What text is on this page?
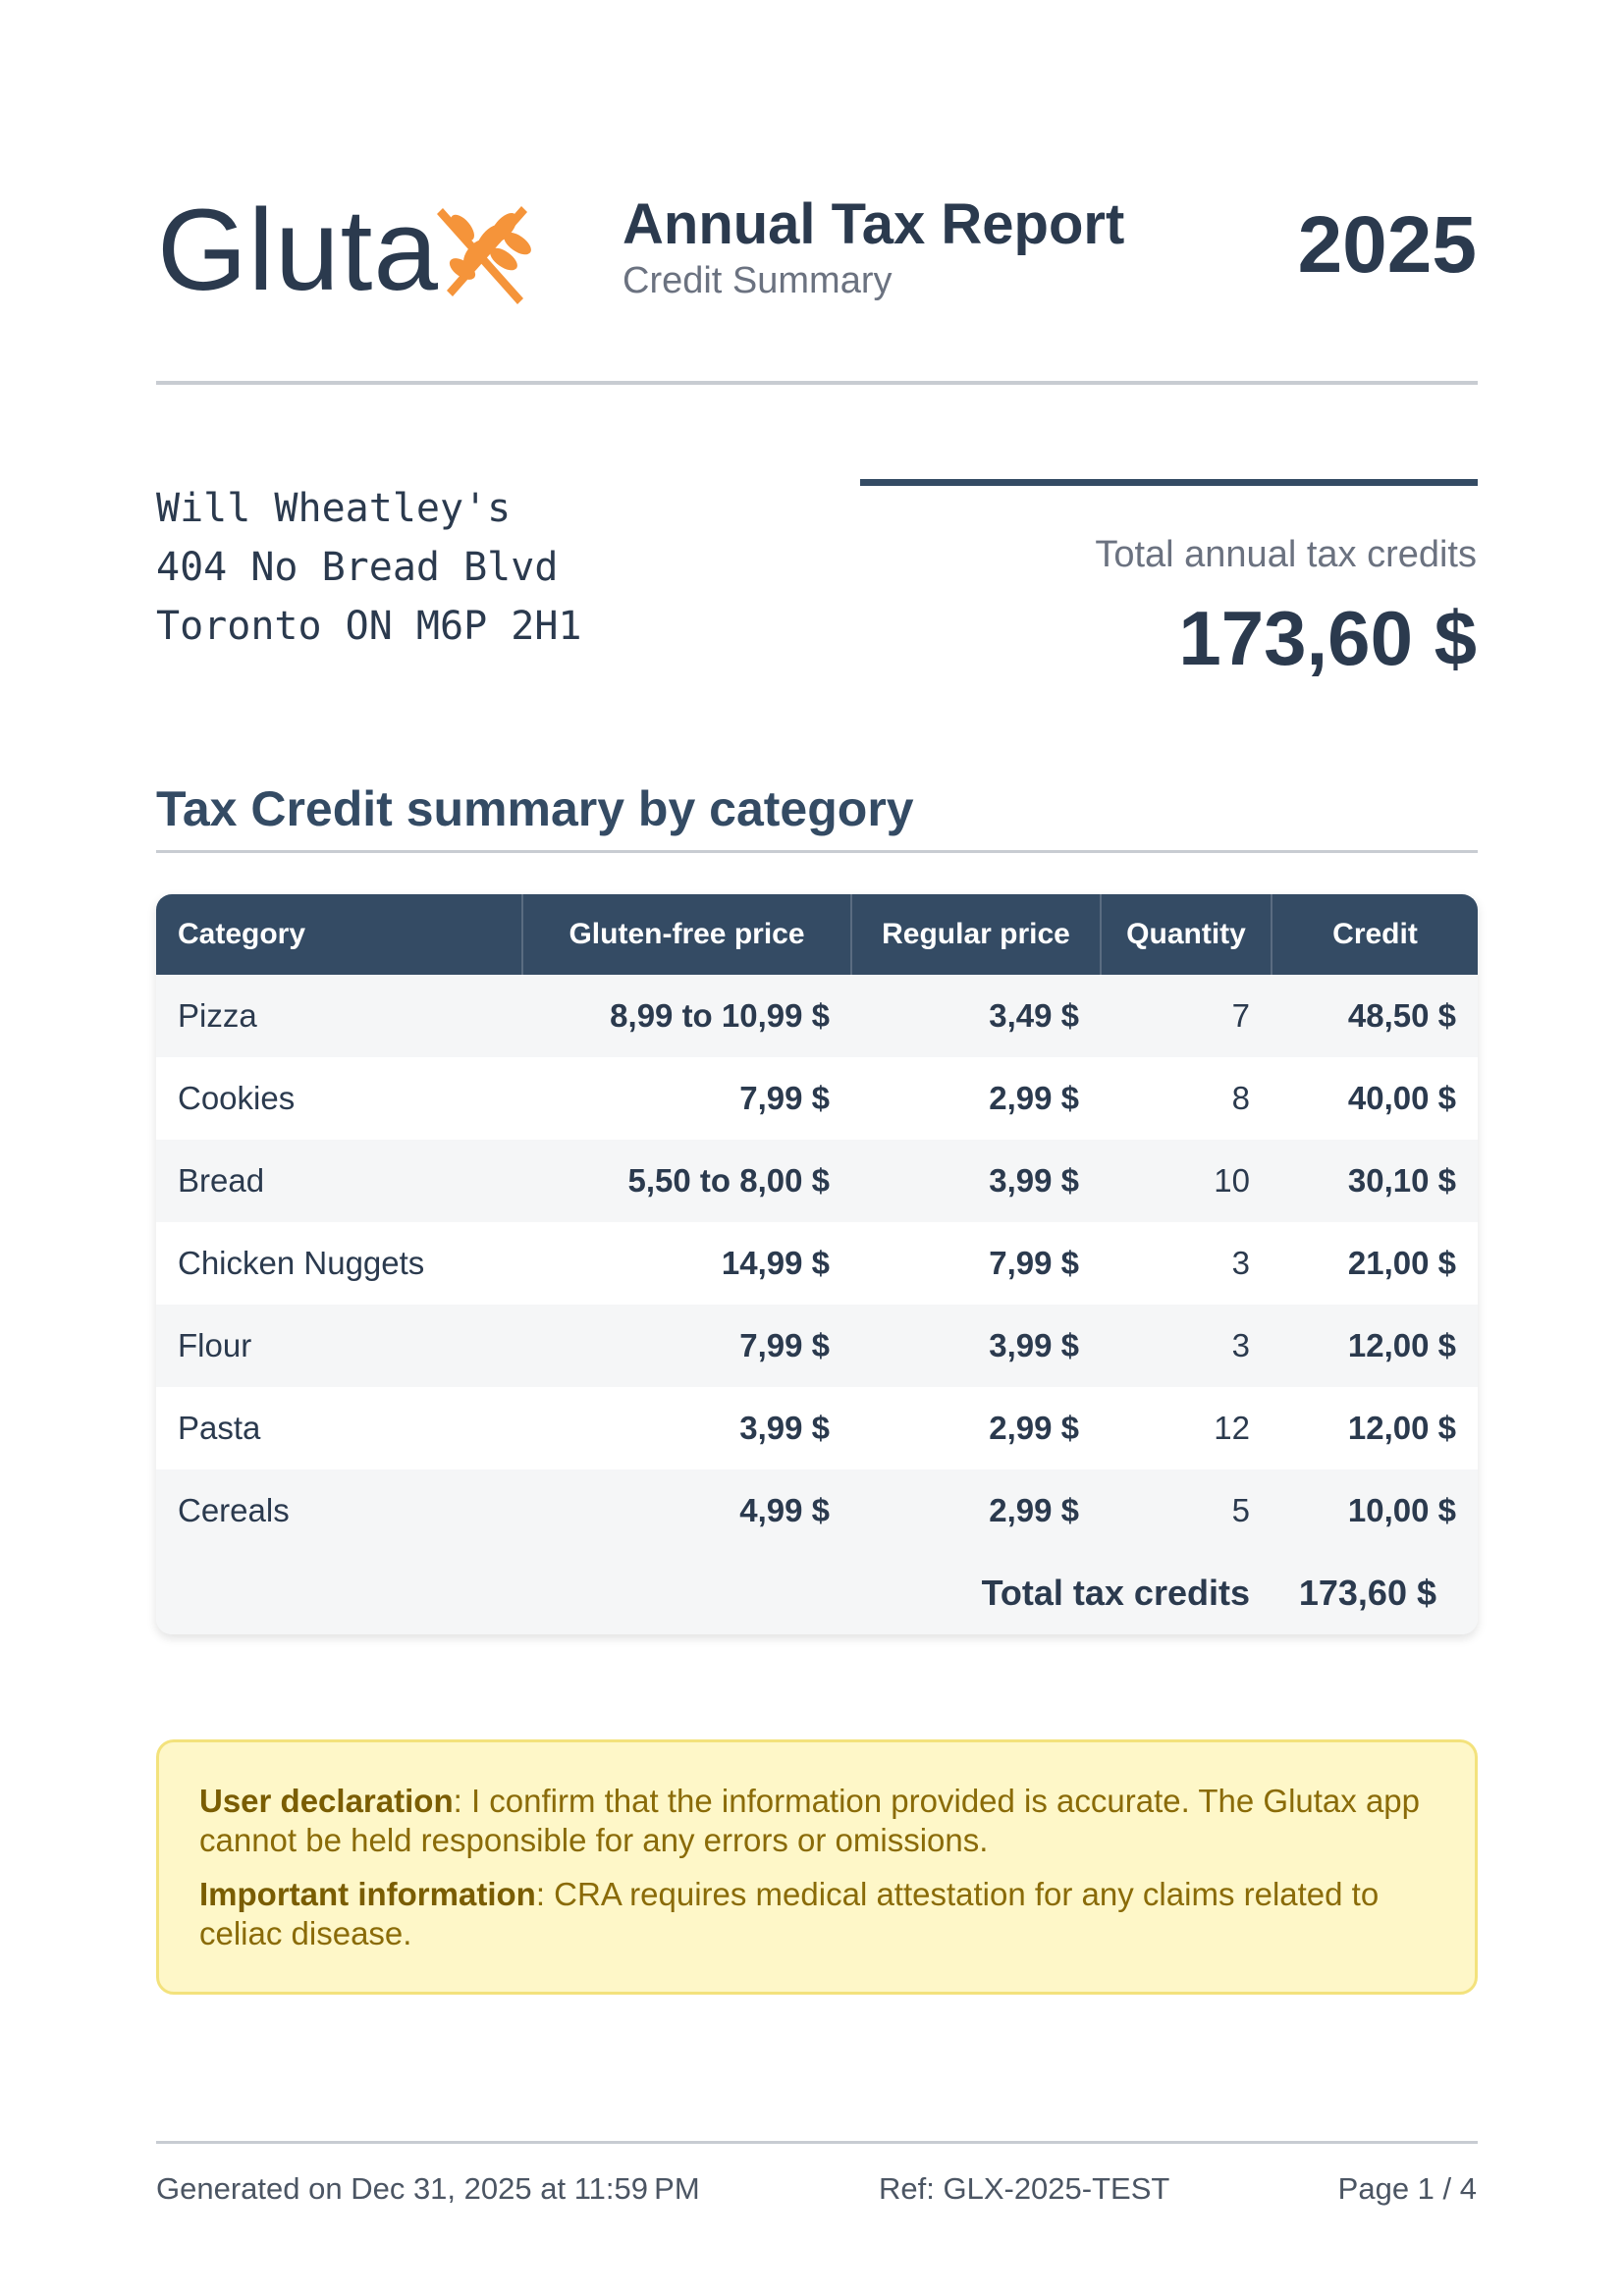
Gluta	Annual Tax Report
Credit Summary	2025
Will Wheatley's
404 No Bread Blvd
Toronto ON M6P 2H1
Total annual tax credits
173,60 $
Tax Credit summary by category
Category	Gluten-free price	Regular price	Quantity	Credit
Pizza	8,99 to 10,99 $	3,49 $	7	48,50 $
Cookies	7,99 $	2,99 $	8	40,00 $
Bread	5,50 to 8,00 $	3,99 $	10	30,10 $
Chicken Nuggets	14,99 $	7,99 $	3	21,00 $
Flour	7,99 $	3,99 $	3	12,00 $
Pasta	3,99 $	2,99 $	12	12,00 $
Cereals	4,99 $	2,99 $	5	10,00 $
Total tax credits				173,60 $

User declaration: I confirm that the information provided is accurate. The Glutax app cannot be held responsible for any errors or omissions.

Important information: CRA requires medical attestation for any claims related to celiac disease.

Generated on Dec 31, 2025 at 11:59 PM	Ref: GLX-2025-TEST	Page 1 / 4
